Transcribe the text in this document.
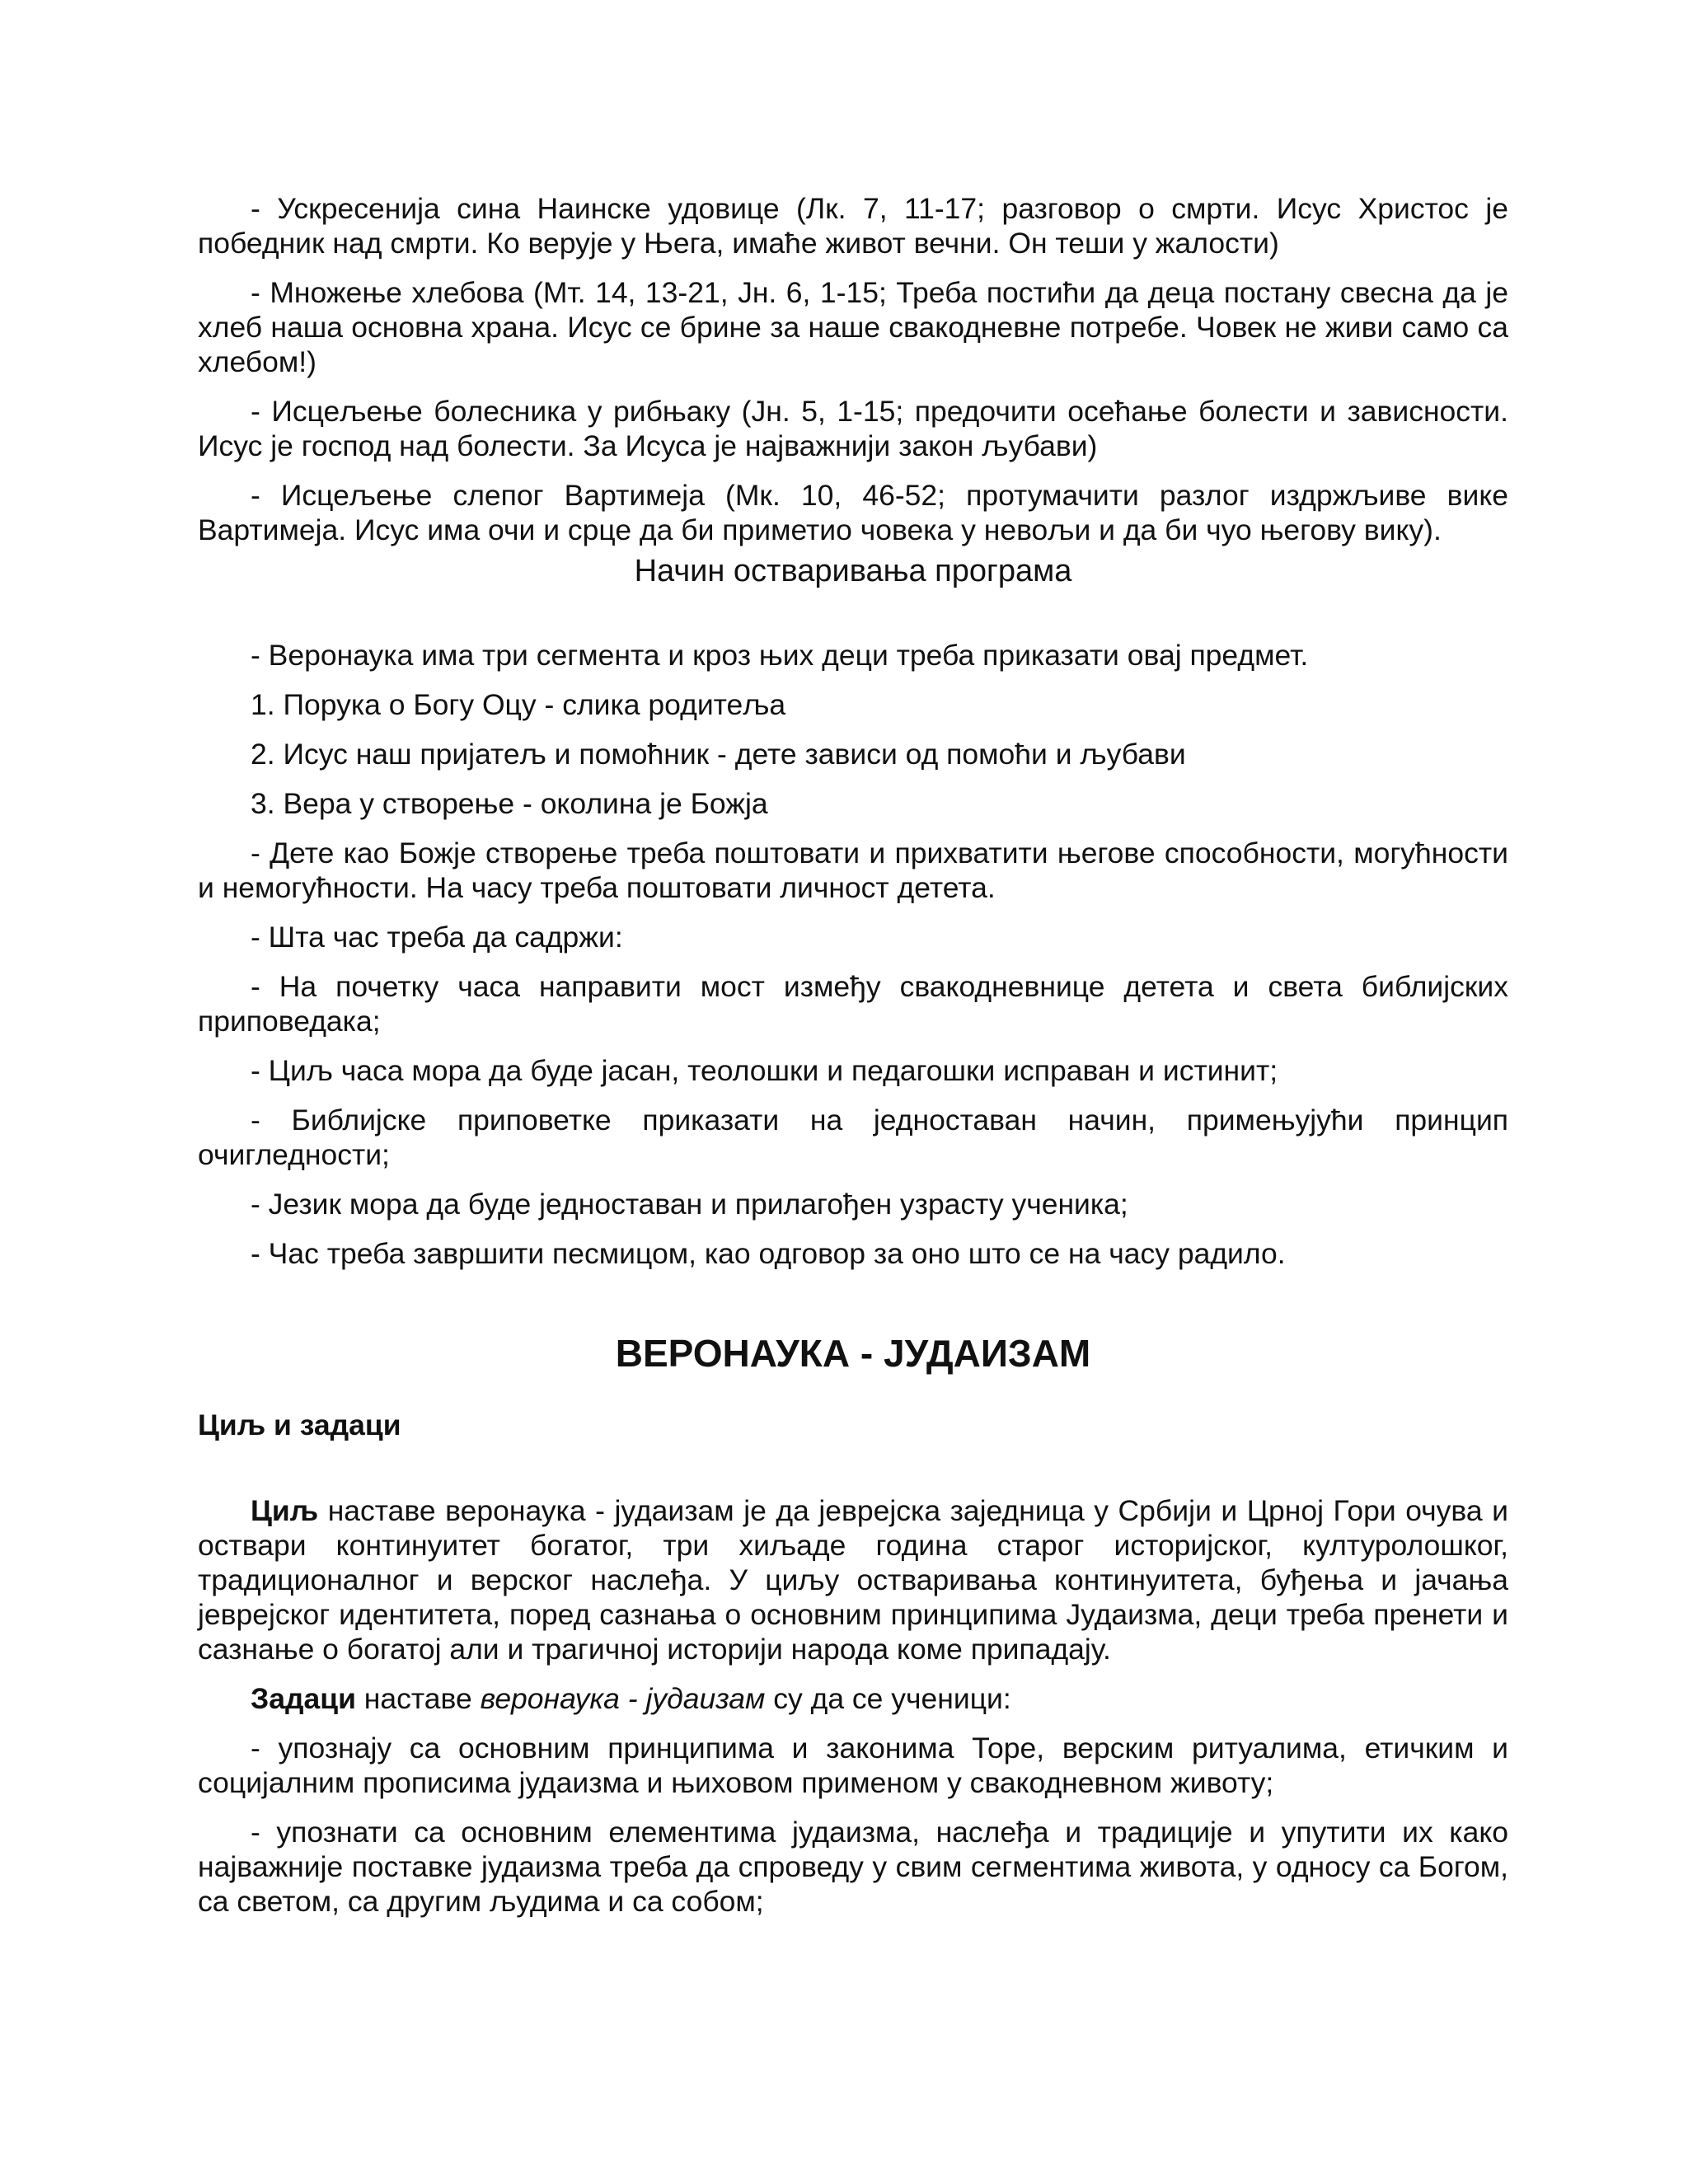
- Ускресенија сина Наинске удовице (Лк. 7, 11-17; разговор о смрти. Исус Христос је победник над смрти. Ко верује у Њега, имаће живот вечни. Он теши у жалости)

- Множење хлебова (Мт. 14, 13-21, Јн. 6, 1-15; Треба постићи да деца постану свесна да је хлеб наша основна храна. Исус се брине за наше свакодневне потребе. Човек не живи само са хлебом!)

- Исцељење болесника у рибњаку (Јн. 5, 1-15; предочити осећање болести и зависности. Исус је господ над болести. За Исуса је најважнији закон љубави)

- Исцељење слепог Вартимеја (Мк. 10, 46-52; протумачити разлог издржљиве вике Вартимеја. Исус има очи и срце да би приметио човека у невољи и да би чуо његову вику).

Начин остваривања програма

- Веронаука има три сегмента и кроз њих деци треба приказати овај предмет.

1. Порука о Богу Оцу - слика родитеља

2. Исус наш пријатељ и помоћник - дете зависи од помоћи и љубави

3. Вера у створење - околина је Божја

- Дете као Божје створење треба поштовати и прихватити његове способности, могућности и немогућности. На часу треба поштовати личност детета.

- Шта час треба да садржи:

- На почетку часа направити мост између свакодневнице детета и света библијских приповедака;

- Циљ часа мора да буде јасан, теолошки и педагошки исправан и истинит;

- Библијске приповетке приказати на једноставан начин, примењујући принцип очигледности;

- Језик мора да буде једноставан и прилагођен узрасту ученика;

- Час треба завршити песмицом, као одговор за оно што се на часу радило.

ВЕРОНАУКА - ЈУДАИЗАМ

Циљ и задаци

Циљ наставе веронаука - јудаизам је да јеврејска заједница у Србији и Црној Гори очува и оствари континуитет богатог, три хиљаде година старог историјског, културолошког, традиционалног и верског наслеђа. У циљу остваривања континуитета, буђења и јачања јеврејског идентитета, поред сазнања о основним принципима Јудаизма, деци треба пренети и сазнање о богатој али и трагичној историји народа коме припадају.

Задаци наставе веронаука - јудаизам су да се ученици:

- упознају са основним принципима и законима Торе, верским ритуалима, етичким и социјалним прописима јудаизма и њиховом применом у свакодневном животу;

- упознати са основним елементима јудаизма, наслеђа и традиције и упутити их како најважније поставке јудаизма треба да спроведу у свим сегментима живота, у односу са Богом, са светом, са другим људима и са собом;
